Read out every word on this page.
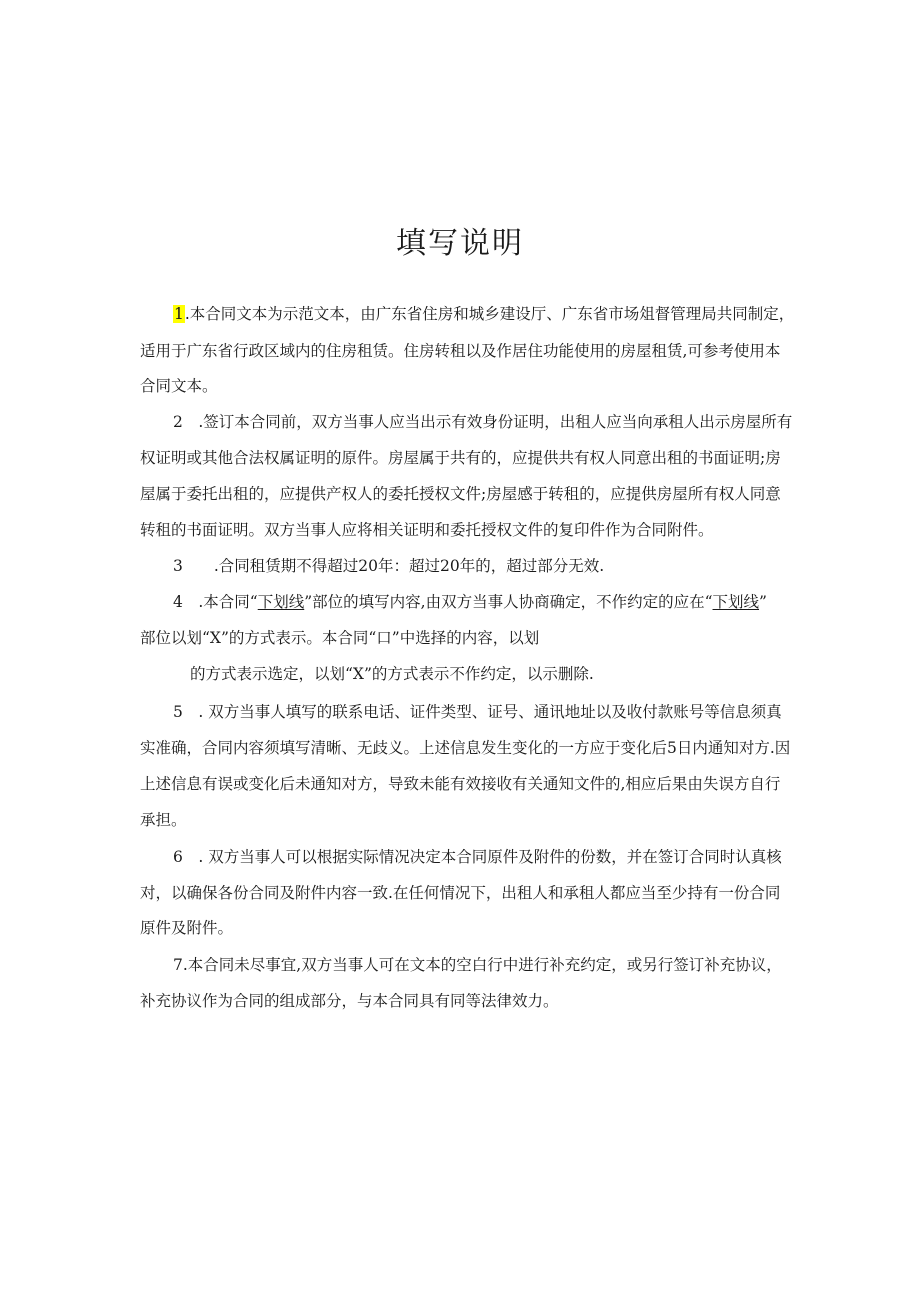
填写说明
1.本合同文本为示范文本，由广东省住房和城乡建设厅、广东省市场俎督管理局共同制定，
适用于广东省行政区域内的住房租赁。住房转租以及作居住功能使用的房屋租赁,可参考使用本
合同文本。
2　.签订本合同前，双方当事人应当出示有效身份证明，出租人应当向承租人出示房屋所有
权证明或其他合法权属证明的原件。房屋属于共有的，应提供共有权人同意出租的书面证明;房
屋属于委托出租的，应提供产权人的委托授权文件;房屋感于转租的，应提供房屋所有权人同意
转租的书面证明。双方当事人应将相关证明和委托授权文件的复印件作为合同附件。
3　　.合同租赁期不得超过20年：超过20年的，超过部分无效.
4　.本合同“下划线”部位的填写内容,由双方当事人协商确定，不作约定的应在“下划线”
部位以划“X”的方式表示。本合同“口”中选择的内容，以划
的方式表示选定，以划“X”的方式表示不作约定，以示删除.
5　. 双方当事人填写的联系电话、证件类型、证号、通讯地址以及收付款账号等信息须真
实准确，合同内容须填写清晰、无歧义。上述信息发生变化的一方应于变化后5日内通知对方.因
上述信息有误或变化后未通知对方，导致未能有效接收有关通知文件的,相应后果由失误方自行
承担。
6　. 双方当事人可以根据实际情况决定本合同原件及附件的份数，并在签订合同时认真核
对，以确保各份合同及附件内容一致.在任何情况下，出租人和承租人都应当至少持有一份合同
原件及附件。
7.本合同未尽事宜,双方当事人可在文本的空白行中进行补充约定，或另行签订补充协议，
补充协议作为合同的组成部分，与本合同具有同等法律效力。
